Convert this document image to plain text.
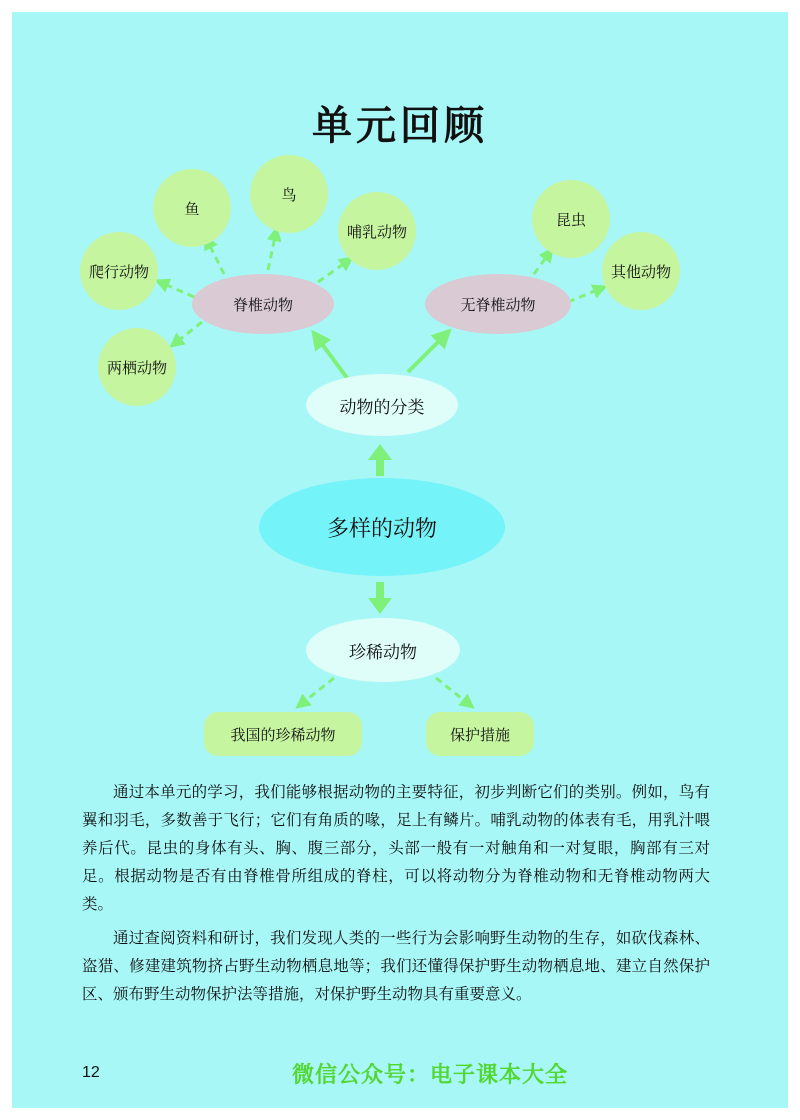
单元回顾
鱼
鸟
哺乳动物
爬行动物
两栖动物
脊椎动物	无脊椎动物
昆虫
其他动物
动物的分类
多样的动物
珍稀动物
我国的珍稀动物	保护措施

通过本单元的学习，我们能够根据动物的主要特征，初步判断它们的类别。例如，鸟有翼和羽毛，多数善于飞行；它们有角质的喙，足上有鳞片。哺乳动物的体表有毛，用乳汁喂养后代。昆虫的身体有头、胸、腹三部分，头部一般有一对触角和一对复眼，胸部有三对足。根据动物是否有由脊椎骨所组成的脊柱，可以将动物分为脊椎动物和无脊椎动物两大类。

通过查阅资料和研讨，我们发现人类的一些行为会影响野生动物的生存，如砍伐森林、盗猎、修建建筑物挤占野生动物栖息地等；我们还懂得保护野生动物栖息地、建立自然保护区、颁布野生动物保护法等措施，对保护野生动物具有重要意义。

12	微信公众号：电子课本大全
